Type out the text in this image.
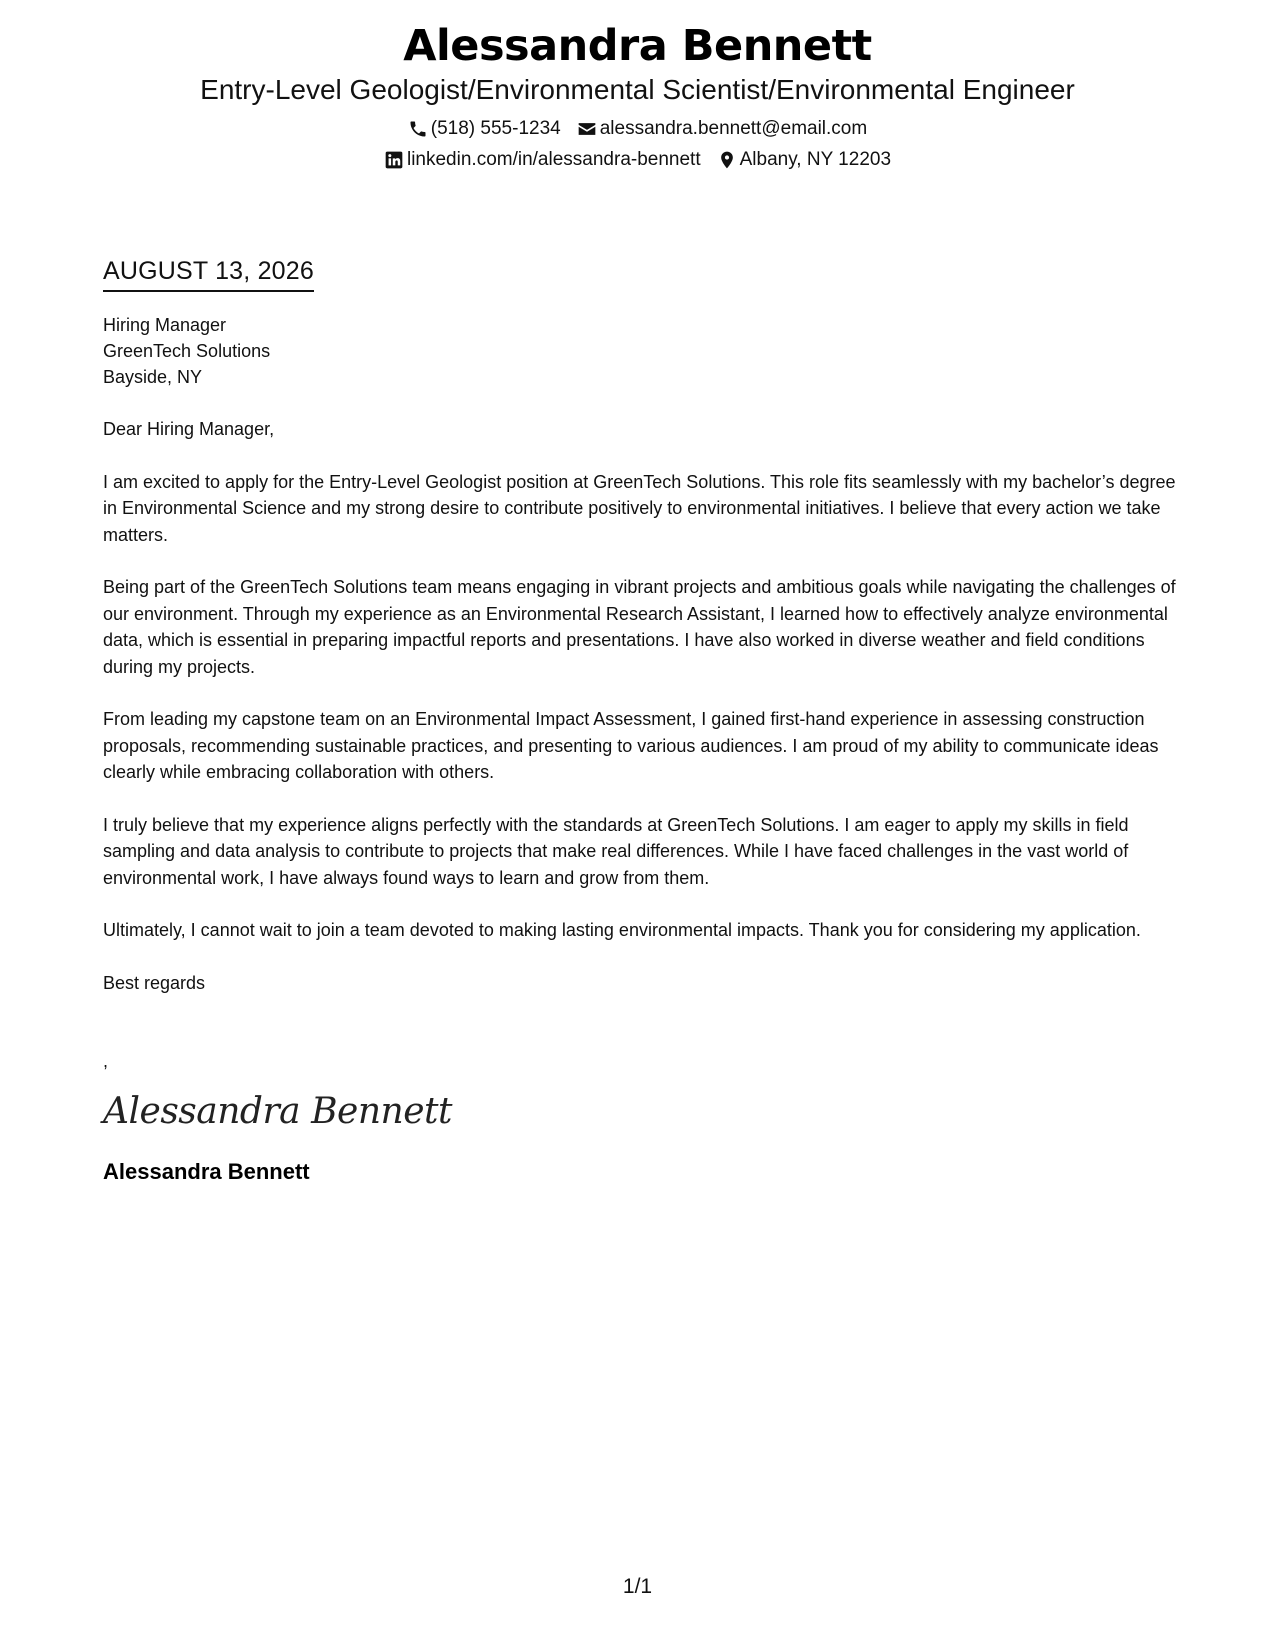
Alessandra Bennett
Entry-Level Geologist/Environmental Scientist/Environmental Engineer
(518) 555-1234 alessandra.bennett@email.com
linkedin.com/in/alessandra-bennett Albany, NY 12203
AUGUST 13, 2026
Hiring Manager
GreenTech Solutions
Bayside, NY
Dear Hiring Manager,

I am excited to apply for the Entry-Level Geologist position at GreenTech Solutions. This role fits seamlessly with my bachelor’s degree in Environmental Science and my strong desire to contribute positively to environmental initiatives. I believe that every action we take matters.

Being part of the GreenTech Solutions team means engaging in vibrant projects and ambitious goals while navigating the challenges of our environment. Through my experience as an Environmental Research Assistant, I learned how to effectively analyze environmental data, which is essential in preparing impactful reports and presentations. I have also worked in diverse weather and field conditions during my projects.

From leading my capstone team on an Environmental Impact Assessment, I gained first-hand experience in assessing construction proposals, recommending sustainable practices, and presenting to various audiences. I am proud of my ability to communicate ideas clearly while embracing collaboration with others.

I truly believe that my experience aligns perfectly with the standards at GreenTech Solutions. I am eager to apply my skills in field sampling and data analysis to contribute to projects that make real differences. While I have faced challenges in the vast world of environmental work, I have always found ways to learn and grow from them.

Ultimately, I cannot wait to join a team devoted to making lasting environmental impacts. Thank you for considering my application.

Best regards
,
Alessandra Bennett
Alessandra Bennett
1/1
